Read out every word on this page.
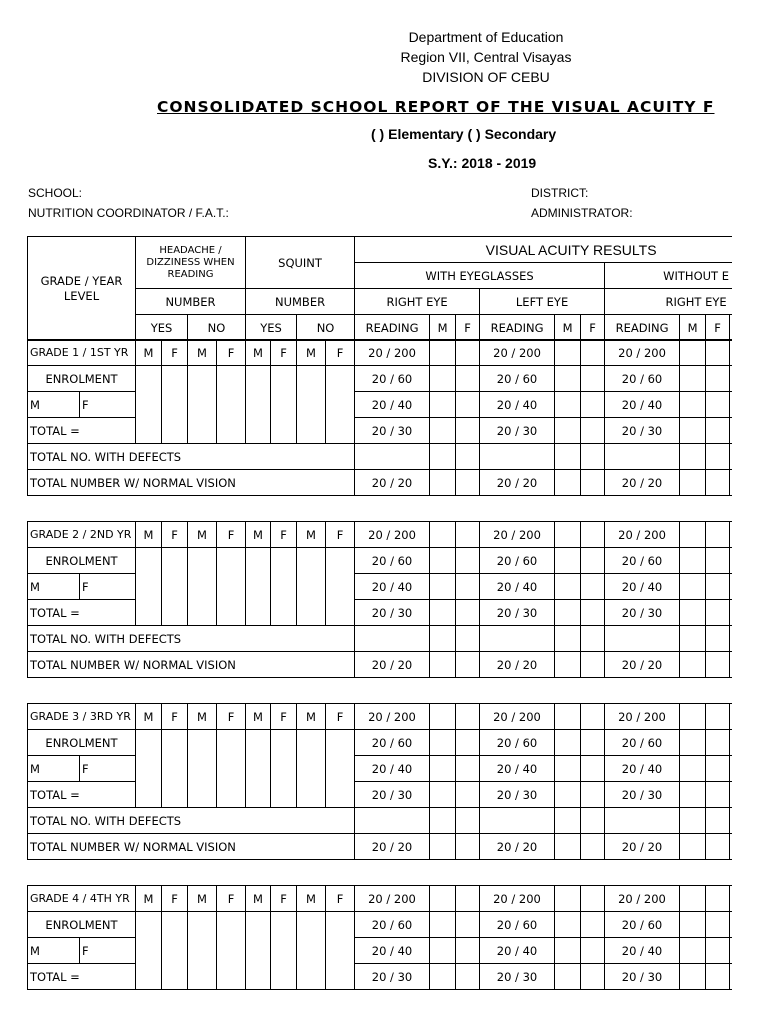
Department of Education
Region VII, Central Visayas
DIVISION OF CEBU
CONSOLIDATED SCHOOL REPORT OF THE VISUAL ACUITY F
( ) Elementary ( ) Secondary
S.Y.: 2018 - 2019
SCHOOL:
NUTRITION COORDINATOR / F.A.T.:
DISTRICT:
ADMINISTRATOR:
GRADE / YEAR LEVEL	HEADACHE / DIZZINESS WHEN READING		SQUINT		VISUAL ACUITY RESULTS									
					WITH EYEGLASSES						WITHOUT E			
	NUMBER		NUMBER		RIGHT EYE			LEFT EYE			RIGHT EYE			
	YES	NO	YES	NO	READING	M	F	READING	M	F	READING	M	F	
GRADE 1 / 1ST YR		M	F	M	F	M	F	M	F	20 / 200			20 / 200			20 / 200			
ENROLMENT										20 / 60			20 / 60			20 / 60			
M	F									20 / 40			20 / 40			20 / 40			
TOTAL =										20 / 30			20 / 30			20 / 30			
TOTAL NO. WITH DEFECTS																			
TOTAL NUMBER W/ NORMAL VISION										20 / 20			20 / 20			20 / 20			
GRADE 2 / 2ND YR		M	F	M	F	M	F	M	F	20 / 200			20 / 200			20 / 200			
ENROLMENT										20 / 60			20 / 60			20 / 60			
M	F									20 / 40			20 / 40			20 / 40			
TOTAL =										20 / 30			20 / 30			20 / 30			
TOTAL NO. WITH DEFECTS																			
TOTAL NUMBER W/ NORMAL VISION										20 / 20			20 / 20			20 / 20			
GRADE 3 / 3RD YR		M	F	M	F	M	F	M	F	20 / 200			20 / 200			20 / 200			
ENROLMENT										20 / 60			20 / 60			20 / 60			
M	F									20 / 40			20 / 40			20 / 40			
TOTAL =										20 / 30			20 / 30			20 / 30			
TOTAL NO. WITH DEFECTS																			
TOTAL NUMBER W/ NORMAL VISION										20 / 20			20 / 20			20 / 20			
GRADE 4 / 4TH YR		M	F	M	F	M	F	M	F	20 / 200			20 / 200			20 / 200			
ENROLMENT										20 / 60			20 / 60			20 / 60			
M	F									20 / 40			20 / 40			20 / 40			
TOTAL =										20 / 30			20 / 30			20 / 30			
